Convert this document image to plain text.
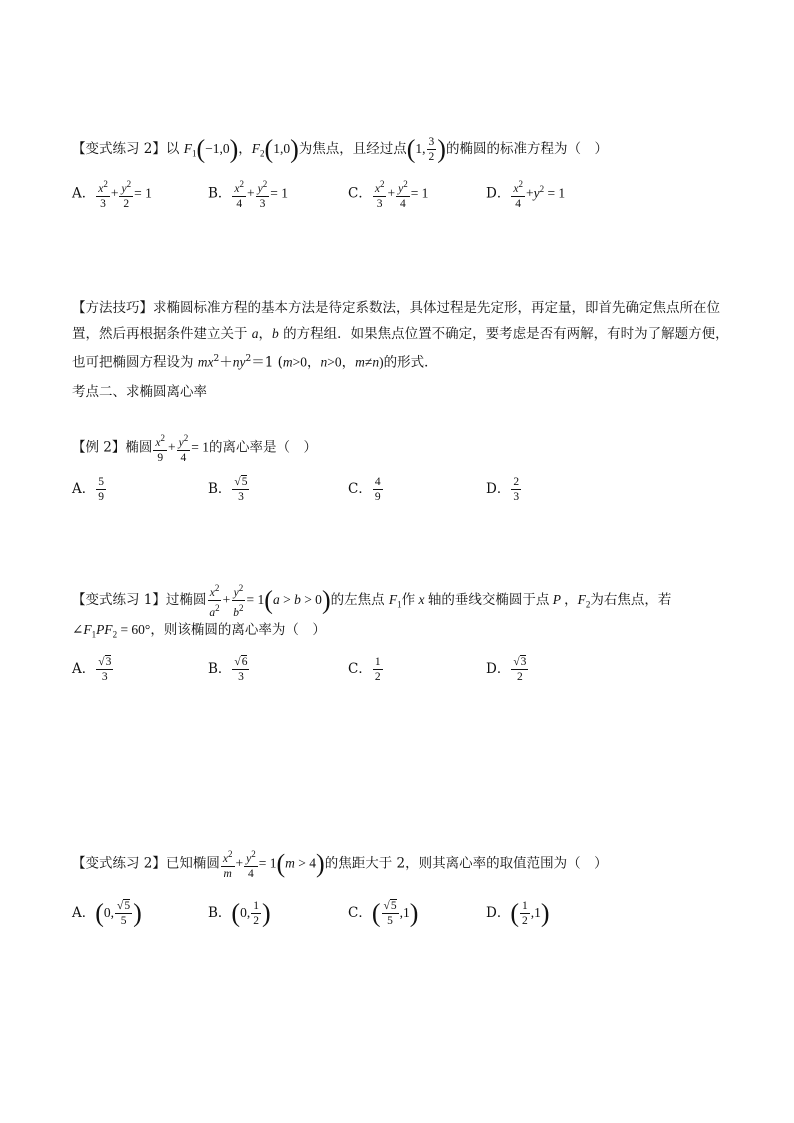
【变式练习 2】以 $F_1(-1,0)$，$F_2(1,0)$为焦点，且经过点(1, $\frac{3}{2}$ )的椭圆的标准方程为（　）
A． $\frac{x^2}{3} + \frac{y^2}{2} = 1$	B． $\frac{x^2}{4} + \frac{y^2}{3} = 1$	C． $\frac{x^2}{3} + \frac{y^2}{4} = 1$	D． $\frac{x^2}{4} +y^2 = 1$
【方法技巧】求椭圆标准方程的基本方法是待定系数法，具体过程是先定形，再定量，即首先确定焦点所在位置，然后再根据条件建立关于 a，b 的方程组．如果焦点位置不确定，要考虑是否有两解，有时为了解题方便，也可把椭圆方程设为 $mx^2+ny^2=1$ (m>0，n>0，m≠n)的形式．
考点二、求椭圆离心率
【例 2】椭圆 $\frac{x^2}{9} + \frac{y^2}{4} = 1$的离心率是（　）
A． $\frac{5}{9}$	B． $\frac{√5}{3}$	C． $\frac{4}{9}$	D． $\frac{2}{3}$
【变式练习 1】过椭圆 $\frac{x^2}{a^2} + \frac{y^2}{b^2} = 1(a > b > 0)$的左焦点 $F_1$作 x 轴的垂线交椭圆于点 P ，$F_2$为右焦点，若
$\angle F_1PF_2 = 60^\circ$，则该椭圆的离心率为（　）
A． $\frac{√3}{3}$	B． $\frac{√6}{3}$	C． $\frac{1}{2}$	D． $\frac{√3}{2}$
【变式练习 2】已知椭圆 $\frac{x^2}{m} + \frac{y^2}{4} = 1(m > 4)$的焦距大于 2，则其离心率的取值范围为（　）
A．(0, $\frac{√5}{5}$ )	B．(0, $\frac{1}{2}$ )	C．( $\frac{√5}{5} ,1$)	D．( $\frac{1}{2} ,1$)
